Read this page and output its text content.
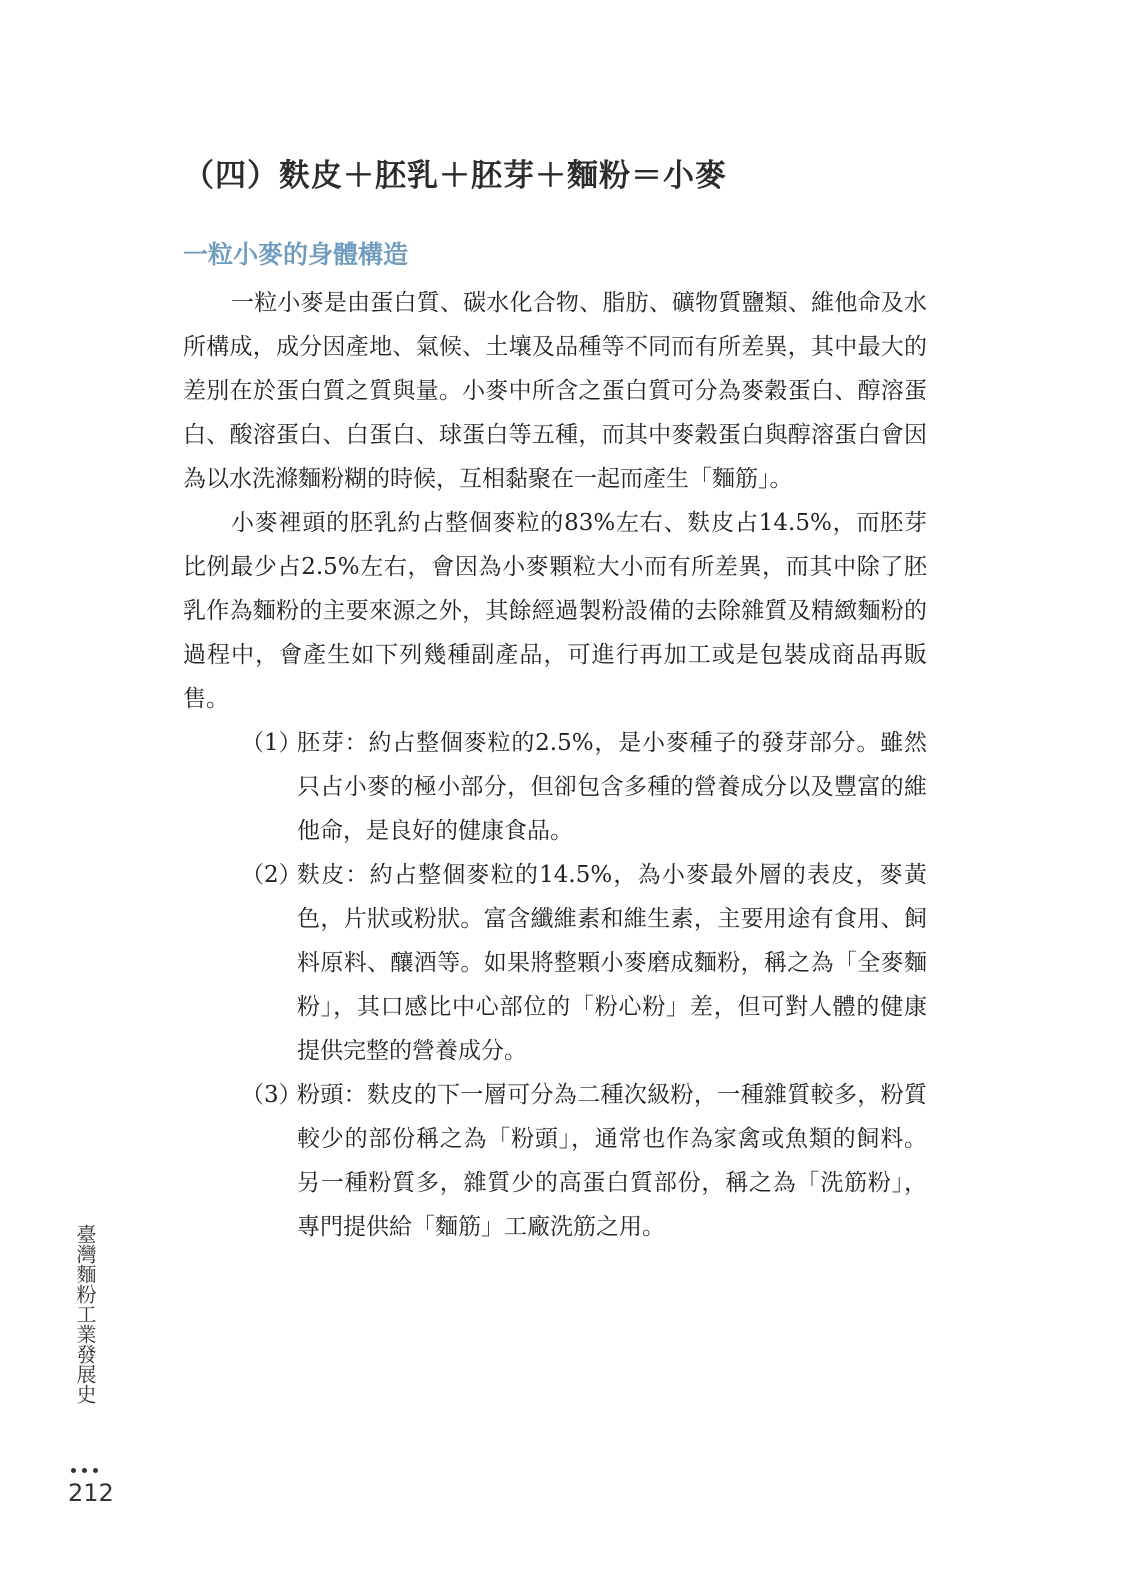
（四）麩皮＋胚乳＋胚芽＋麵粉＝小麥
一粒小麥的身體構造

一粒小麥是由蛋白質、碳水化合物、脂肪、礦物質鹽類、維他命及水所構成，成分因產地、氣候、土壤及品種等不同而有所差異，其中最大的差別在於蛋白質之質與量。小麥中所含之蛋白質可分為麥穀蛋白、醇溶蛋白、酸溶蛋白、白蛋白、球蛋白等五種，而其中麥穀蛋白與醇溶蛋白會因為以水洗滌麵粉糊的時候，互相黏聚在一起而產生「麵筋」。

小麥裡頭的胚乳約占整個麥粒的83%左右、麩皮占14.5%，而胚芽比例最少占2.5%左右，會因為小麥顆粒大小而有所差異，而其中除了胚乳作為麵粉的主要來源之外，其餘經過製粉設備的去除雜質及精緻麵粉的過程中，會產生如下列幾種副產品，可進行再加工或是包裝成商品再販售。

（1）
胚芽：約占整個麥粒的2.5%，是小麥種子的發芽部分。雖然只占小麥的極小部分，但卻包含多種的營養成分以及豐富的維他命，是良好的健康食品。
（2）
麩皮：約占整個麥粒的14.5%，為小麥最外層的表皮，麥黃色，片狀或粉狀。富含纖維素和維生素，主要用途有食用、飼料原料、釀酒等。如果將整顆小麥磨成麵粉，稱之為「全麥麵粉」，其口感比中心部位的「粉心粉」差，但可對人體的健康提供完整的營養成分。
（3）
粉頭：麩皮的下一層可分為二種次級粉，一種雜質較多，粉質較少的部份稱之為「粉頭」，通常也作為家禽或魚類的飼料。另一種粉質多，雜質少的高蛋白質部份，稱之為「洗筋粉」，專門提供給「麵筋」工廠洗筋之用。
臺灣麵粉工業發展史
212
